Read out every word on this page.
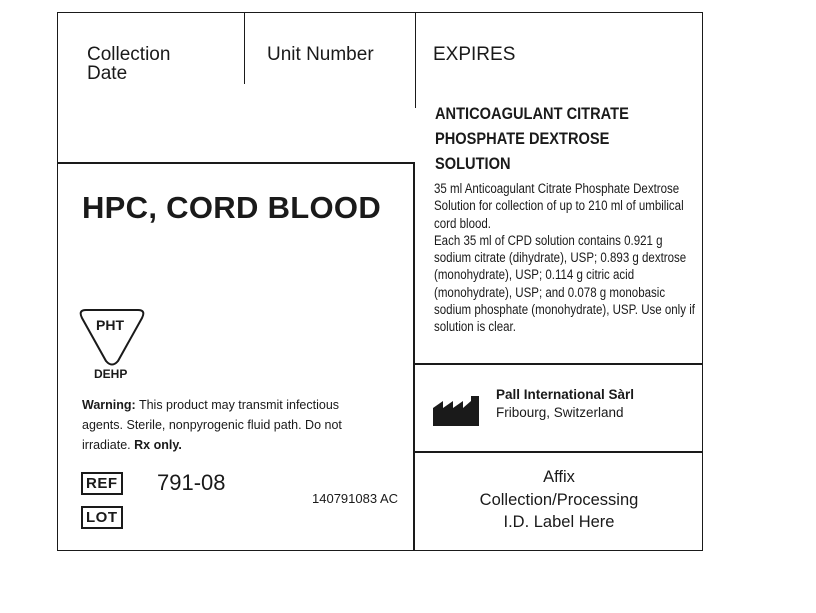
Collection
Date
Unit Number	EXPIRES
HPC, CORD BLOOD
PHT
DEHP
Warning: This product may transmit infectious agents. Sterile, nonpyrogenic fluid path. Do not irradiate. Rx only.
REF 791-08
LOT
140791083 AC
ANTICOAGULANT CITRATE
PHOSPHATE DEXTROSE
SOLUTION
35 ml Anticoagulant Citrate Phosphate Dextrose Solution for collection of up to 210 ml of umbilical cord blood.
Each 35 ml of CPD solution contains 0.921 g sodium citrate (dihydrate), USP; 0.893 g dextrose (monohydrate), USP; 0.114 g citric acid (monohydrate), USP; and 0.078 g monobasic sodium phosphate (monohydrate), USP. Use only if solution is clear.
Pall International Sàrl
Fribourg, Switzerland
Affix
Collection/Processing
I.D. Label Here
